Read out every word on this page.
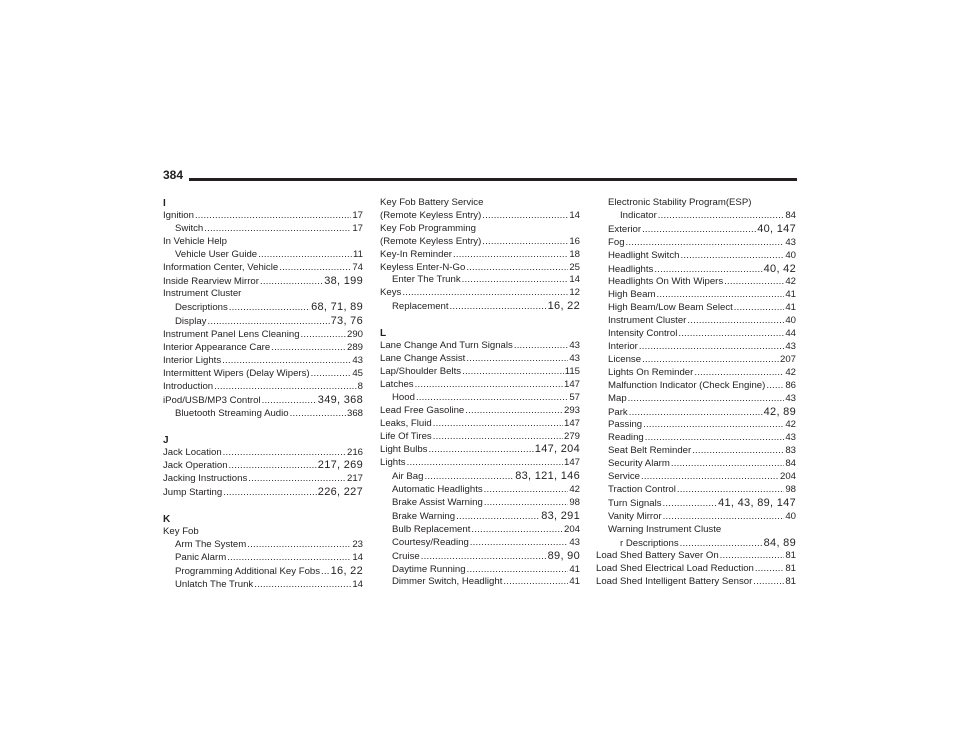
384
I
Ignition .....	17
Switch .....	17
In Vehicle Help
Vehicle User Guide .....	11
Information Center, Vehicle .....	74
Inside Rearview Mirror .....	38, 199
Instrument Cluster
Descriptions .....	68, 71, 89
Display .....	73, 76
Instrument Panel Lens Cleaning .....	290
Interior Appearance Care .....	289
Interior Lights .....	43
Intermittent Wipers (Delay Wipers) .....	45
Introduction .....	8
iPod/USB/MP3 Control .....	349, 368
Bluetooth Streaming Audio .....	368
J
Jack Location .....	216
Jack Operation .....	217, 269
Jacking Instructions .....	217
Jump Starting .....	226, 227
K
Key Fob
Arm The System .....	23
Panic Alarm .....	14
Programming Additional Key Fobs ..... 16, 22
Unlatch The Trunk .....	14
Key Fob Battery Service
(Remote Keyless Entry) .....	14
Key Fob Programming
(Remote Keyless Entry) .....	16
Key-In Reminder .....	18
Keyless Enter-N-Go .....	25
Enter The Trunk .....	14
Keys .....	12
Replacement .....	16, 22
L
Lane Change And Turn Signals .....	43
Lane Change Assist .....	43
Lap/Shoulder Belts .....	115
Latches .....	147
Hood .....	57
Lead Free Gasoline .....	293
Leaks, Fluid .....	147
Life Of Tires .....	279
Light Bulbs .....	147, 204
Lights .....	147
Air Bag .....	83, 121, 146
Automatic Headlights .....	42
Brake Assist Warning .....	98
Brake Warning .....	83, 291
Bulb Replacement .....	204
Courtesy/Reading .....	43
Cruise .....	89, 90
Daytime Running .....	41
Dimmer Switch, Headlight .....	41
Electronic Stability Program(ESP)
Indicator .....	84
Exterior .....	40, 147
Fog .....	43
Headlight Switch .....	40
Headlights .....	40, 42
Headlights On With Wipers .....	42
High Beam .....	41
High Beam/Low Beam Select .....	41
Instrument Cluster .....	40
Intensity Control .....	44
Interior .....	43
License .....	207
Lights On Reminder .....	42
Malfunction Indicator (Check Engine) ..... 86
Map .....	43
Park .....	42, 89
Passing .....	42
Reading .....	43
Seat Belt Reminder .....	83
Security Alarm .....	84
Service .....	204
Traction Control .....	98
Turn Signals .....	41, 43, 89, 147
Vanity Mirror .....	40
Warning Instrument Cluste
r Descriptions .....	84, 89
Load Shed Battery Saver On .....	81
Load Shed Electrical Load Reduction .....	81
Load Shed Intelligent Battery Sensor .....	81
